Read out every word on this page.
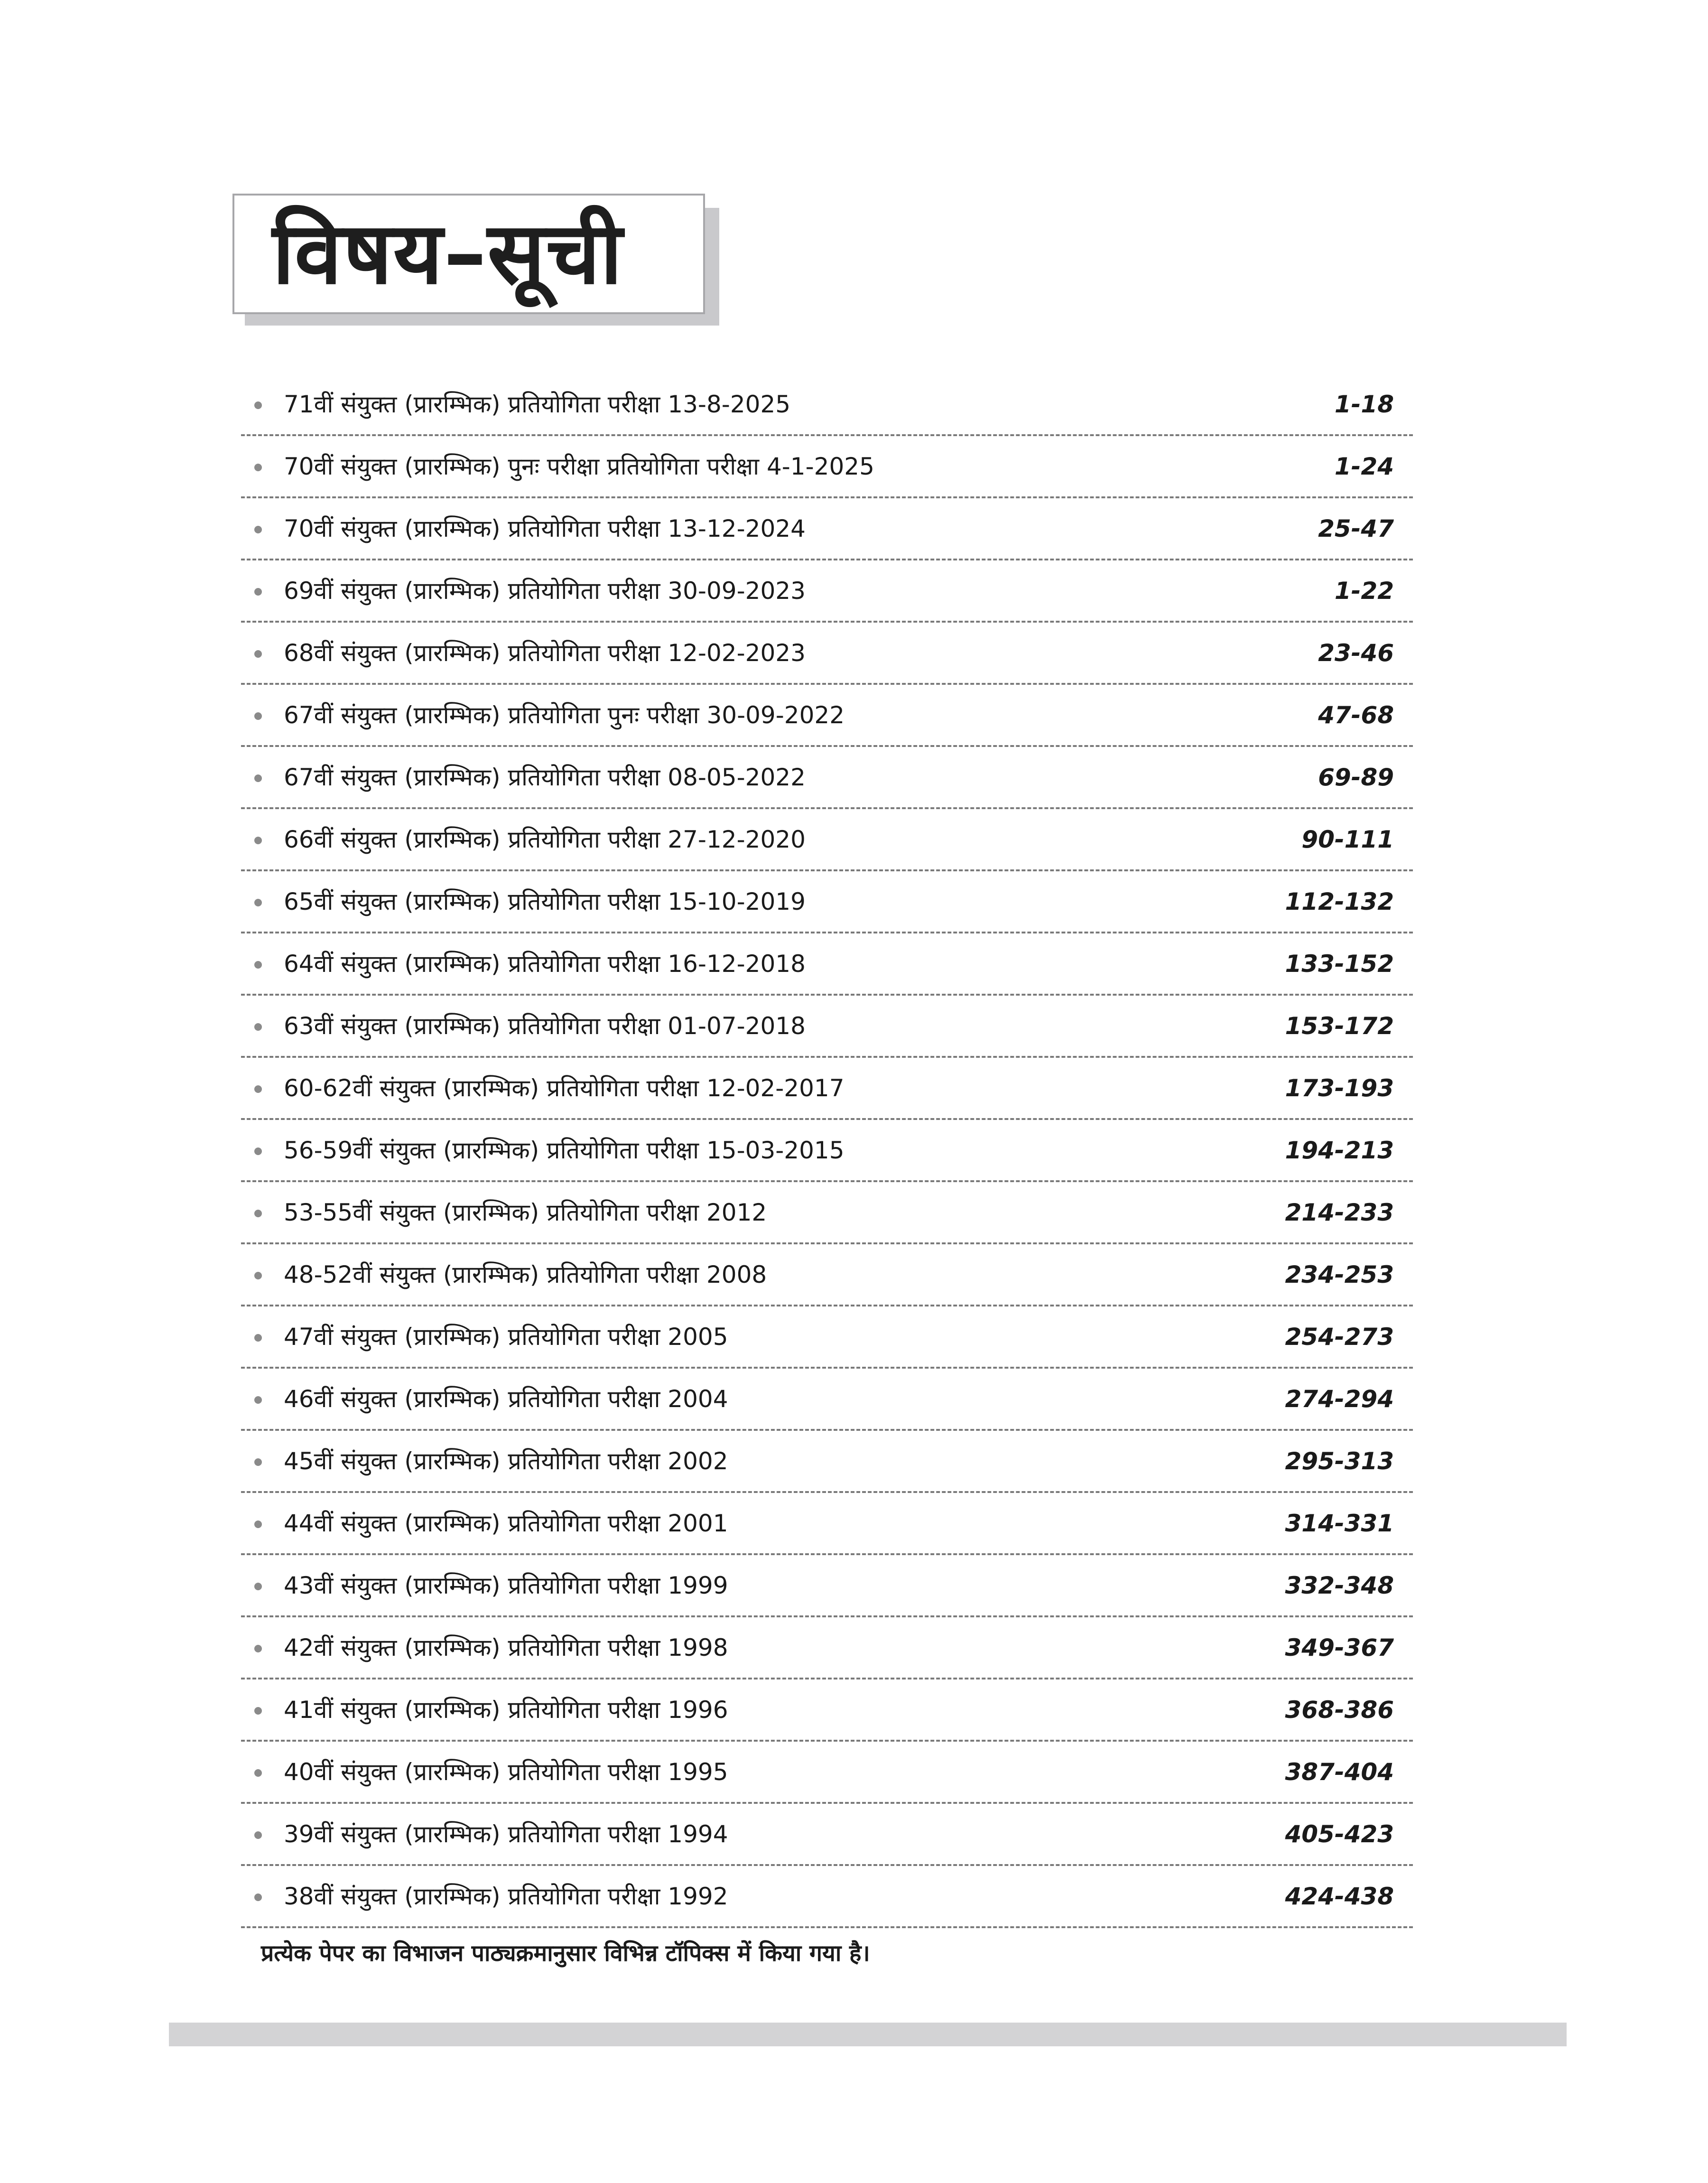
विषय–सूची
71वीं संयुक्त (प्रारम्भिक) प्रतियोगिता परीक्षा 13-8-2025	1-18
70वीं संयुक्त (प्रारम्भिक) पुनः परीक्षा प्रतियोगिता परीक्षा 4-1-2025	1-24
70वीं संयुक्त (प्रारम्भिक) प्रतियोगिता परीक्षा 13-12-2024	25-47
69वीं संयुक्त (प्रारम्भिक) प्रतियोगिता परीक्षा 30-09-2023	1-22
68वीं संयुक्त (प्रारम्भिक) प्रतियोगिता परीक्षा 12-02-2023	23-46
67वीं संयुक्त (प्रारम्भिक) प्रतियोगिता पुनः परीक्षा 30-09-2022	47-68
67वीं संयुक्त (प्रारम्भिक) प्रतियोगिता परीक्षा 08-05-2022	69-89
66वीं संयुक्त (प्रारम्भिक) प्रतियोगिता परीक्षा 27-12-2020	90-111
65वीं संयुक्त (प्रारम्भिक) प्रतियोगिता परीक्षा 15-10-2019	112-132
64वीं संयुक्त (प्रारम्भिक) प्रतियोगिता परीक्षा 16-12-2018	133-152
63वीं संयुक्त (प्रारम्भिक) प्रतियोगिता परीक्षा 01-07-2018	153-172
60-62वीं संयुक्त (प्रारम्भिक) प्रतियोगिता परीक्षा 12-02-2017	173-193
56-59वीं संयुक्त (प्रारम्भिक) प्रतियोगिता परीक्षा 15-03-2015	194-213
53-55वीं संयुक्त (प्रारम्भिक) प्रतियोगिता परीक्षा 2012	214-233
48-52वीं संयुक्त (प्रारम्भिक) प्रतियोगिता परीक्षा 2008	234-253
47वीं संयुक्त (प्रारम्भिक) प्रतियोगिता परीक्षा 2005	254-273
46वीं संयुक्त (प्रारम्भिक) प्रतियोगिता परीक्षा 2004	274-294
45वीं संयुक्त (प्रारम्भिक) प्रतियोगिता परीक्षा 2002	295-313
44वीं संयुक्त (प्रारम्भिक) प्रतियोगिता परीक्षा 2001	314-331
43वीं संयुक्त (प्रारम्भिक) प्रतियोगिता परीक्षा 1999	332-348
42वीं संयुक्त (प्रारम्भिक) प्रतियोगिता परीक्षा 1998	349-367
41वीं संयुक्त (प्रारम्भिक) प्रतियोगिता परीक्षा 1996	368-386
40वीं संयुक्त (प्रारम्भिक) प्रतियोगिता परीक्षा 1995	387-404
39वीं संयुक्त (प्रारम्भिक) प्रतियोगिता परीक्षा 1994	405-423
38वीं संयुक्त (प्रारम्भिक) प्रतियोगिता परीक्षा 1992	424-438
प्रत्येक पेपर का विभाजन पाठ्यक्रमानुसार विभिन्न टॉपिक्स में किया गया है।
